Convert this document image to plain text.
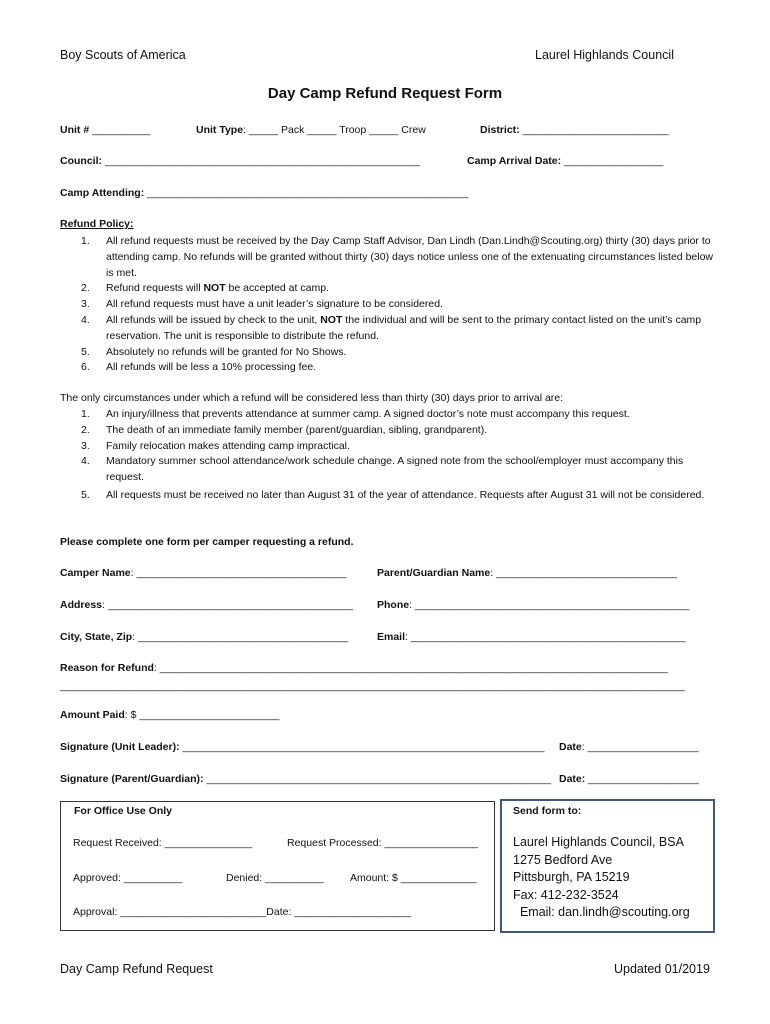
Boy Scouts of America	Laurel Highlands Council
Day Camp Refund Request Form
Unit # __________	Unit Type: _____ Pack _____ Troop _____ Crew	District: _________________________
Council: ______________________________________________________	Camp Arrival Date: _________________
Camp Attending: _______________________________________________________
Refund Policy:
1. All refund requests must be received by the Day Camp Staff Advisor, Dan Lindh (Dan.Lindh@Scouting.org) thirty (30) days prior to attending camp. No refunds will be granted without thirty (30) days notice unless one of the extenuating circumstances listed below is met.
2. Refund requests will NOT be accepted at camp.
3. All refund requests must have a unit leader’s signature to be considered.
4. All refunds will be issued by check to the unit, NOT the individual and will be sent to the primary contact listed on the unit’s camp reservation. The unit is responsible to distribute the refund.
5. Absolutely no refunds will be granted for No Shows.
6. All refunds will be less a 10% processing fee.
The only circumstances under which a refund will be considered less than thirty (30) days prior to arrival are:
1. An injury/illness that prevents attendance at summer camp. A signed doctor’s note must accompany this request.
2. The death of an immediate family member (parent/guardian, sibling, grandparent).
3. Family relocation makes attending camp impractical.
4. Mandatory summer school attendance/work schedule change. A signed note from the school/employer must accompany this request.
5. All requests must be received no later than August 31 of the year of attendance. Requests after August 31 will not be considered.
Please complete one form per camper requesting a refund.
Camper Name: ____________________________________	Parent/Guardian Name: _______________________________
Address: __________________________________________ Phone: _______________________________________________
City, State, Zip: ____________________________________	Email: _______________________________________________
Reason for Refund: _______________________________________________________________________________________
___________________________________________________________________________________________________________
Amount Paid: $ ________________________
Signature (Unit Leader): ______________________________________________________________ Date: ___________________
Signature (Parent/Guardian): ___________________________________________________________ Date: ___________________
For Office Use Only
Request Received: _______________	Request Processed: ________________
Approved: __________	Denied: __________	Amount: $ _____________
Approval: _________________________Date: ____________________
Send form to:
Laurel Highlands Council, BSA
1275 Bedford Ave
Pittsburgh, PA 15219
Fax: 412-232-3524
Email: dan.lindh@scouting.org
Day Camp Refund Request	Updated 01/2019
